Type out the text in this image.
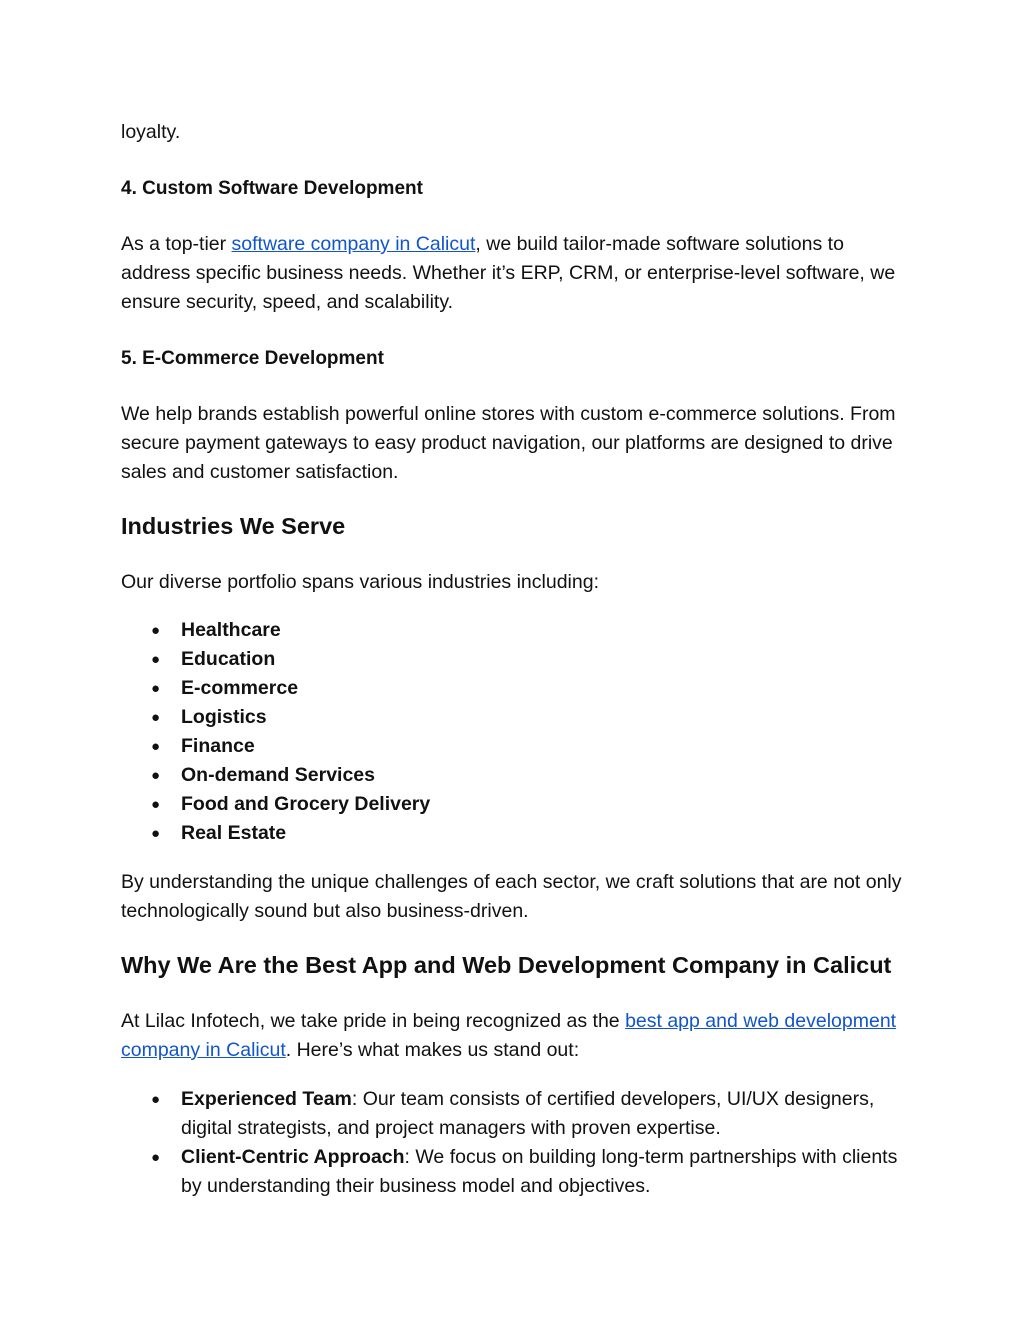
loyalty.

4. Custom Software Development

As a top-tier software company in Calicut, we build tailor-made software solutions to address specific business needs. Whether it’s ERP, CRM, or enterprise-level software, we ensure security, speed, and scalability.

5. E-Commerce Development

We help brands establish powerful online stores with custom e-commerce solutions. From secure payment gateways to easy product navigation, our platforms are designed to drive sales and customer satisfaction.

Industries We Serve

Our diverse portfolio spans various industries including:

● Healthcare
● Education
● E-commerce
● Logistics
● Finance
● On-demand Services
● Food and Grocery Delivery
● Real Estate

By understanding the unique challenges of each sector, we craft solutions that are not only technologically sound but also business-driven.

Why We Are the Best App and Web Development Company in Calicut

At Lilac Infotech, we take pride in being recognized as the best app and web development company in Calicut. Here’s what makes us stand out:

● Experienced Team: Our team consists of certified developers, UI/UX designers, digital strategists, and project managers with proven expertise.
● Client-Centric Approach: We focus on building long-term partnerships with clients by understanding their business model and objectives.
